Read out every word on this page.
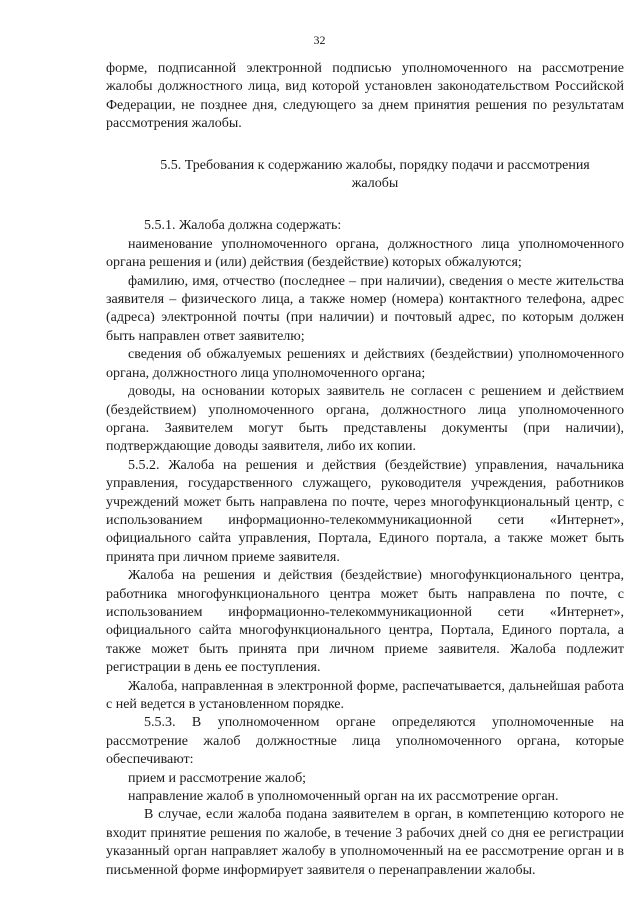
32

форме, подписанной электронной подписью уполномоченного на рассмотрение жалобы должностного лица, вид которой установлен законодательством Российской Федерации, не позднее дня, следующего за днем принятия решения по результатам рассмотрения жалобы.

5.5. Требования к содержанию жалобы, порядку подачи и рассмотрения жалобы

5.5.1. Жалоба должна содержать:

наименование уполномоченного органа, должностного лица уполномоченного органа решения и (или) действия (бездействие) которых обжалуются;

фамилию, имя, отчество (последнее – при наличии), сведения о месте жительства заявителя – физического лица, а также номер (номера) контактного телефона, адрес (адреса) электронной почты (при наличии) и почтовый адрес, по которым должен быть направлен ответ заявителю;

сведения об обжалуемых решениях и действиях (бездействии) уполномоченного органа, должностного лица уполномоченного органа;

доводы, на основании которых заявитель не согласен с решением и действием (бездействием) уполномоченного органа, должностного лица уполномоченного органа. Заявителем могут быть представлены документы (при наличии), подтверждающие доводы заявителя, либо их копии.

5.5.2. Жалоба на решения и действия (бездействие) управления, начальника управления, государственного служащего, руководителя учреждения, работников учреждений может быть направлена по почте, через многофункциональный центр, с использованием информационно-телекоммуникационной сети «Интернет», официального сайта управления, Портала, Единого портала, а также может быть принята при личном приеме заявителя.

Жалоба на решения и действия (бездействие) многофункционального центра, работника многофункционального центра может быть направлена по почте, с использованием информационно-телекоммуникационной сети «Интернет», официального сайта многофункционального центра, Портала, Единого портала, а также может быть принята при личном приеме заявителя. Жалоба подлежит регистрации в день ее поступления.

Жалоба, направленная в электронной форме, распечатывается, дальнейшая работа с ней ведется в установленном порядке.

5.5.3. В уполномоченном органе определяются уполномоченные на рассмотрение жалоб должностные лица уполномоченного органа, которые обеспечивают:

прием и рассмотрение жалоб;

направление жалоб в уполномоченный орган на их рассмотрение орган.

В случае, если жалоба подана заявителем в орган, в компетенцию которого не входит принятие решения по жалобе, в течение 3 рабочих дней со дня ее регистрации указанный орган направляет жалобу в уполномоченный на ее рассмотрение орган и в письменной форме информирует заявителя о перенаправлении жалобы.
